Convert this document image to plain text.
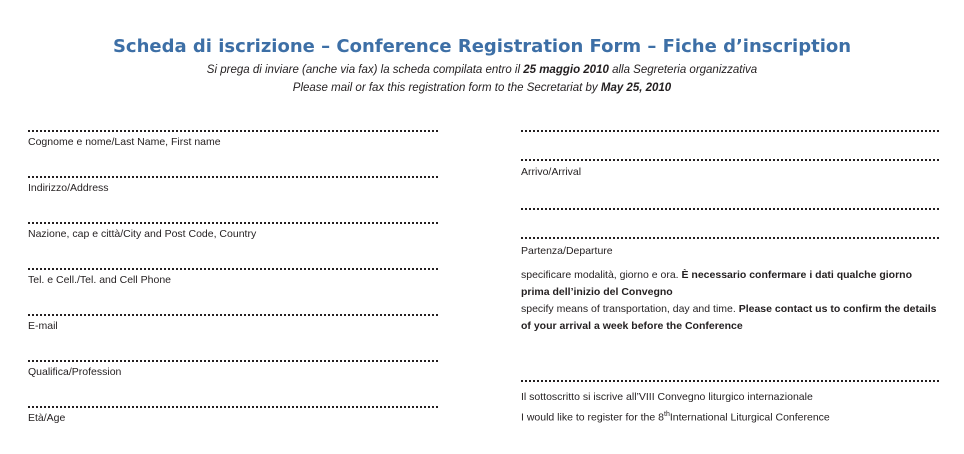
Scheda di iscrizione – Conference Registration Form – Fiche d’inscription
Si prega di inviare (anche via fax) la scheda compilata entro il 25 maggio 2010 alla Segreteria organizzativa
Please mail or fax this registration form to the Secretariat by May 25, 2010
Cognome e nome/Last Name, First name
Indirizzo/Address
Nazione, cap e città/City and Post Code, Country
Tel. e Cell./Tel. and Cell Phone
E-mail
Qualifica/Profession
Età/Age
Arrivo/Arrival
Partenza/Departure
specificare modalità, giorno e ora. È necessario confermare i dati qualche giorno prima dell’inizio del Convegno
specify means of transportation, day and time. Please contact us to confirm the details of your arrival a week before the Conference
Il sottoscritto si iscrive all’VIII Convegno liturgico internazionale
I would like to register for the 8thInternational Liturgical Conference
